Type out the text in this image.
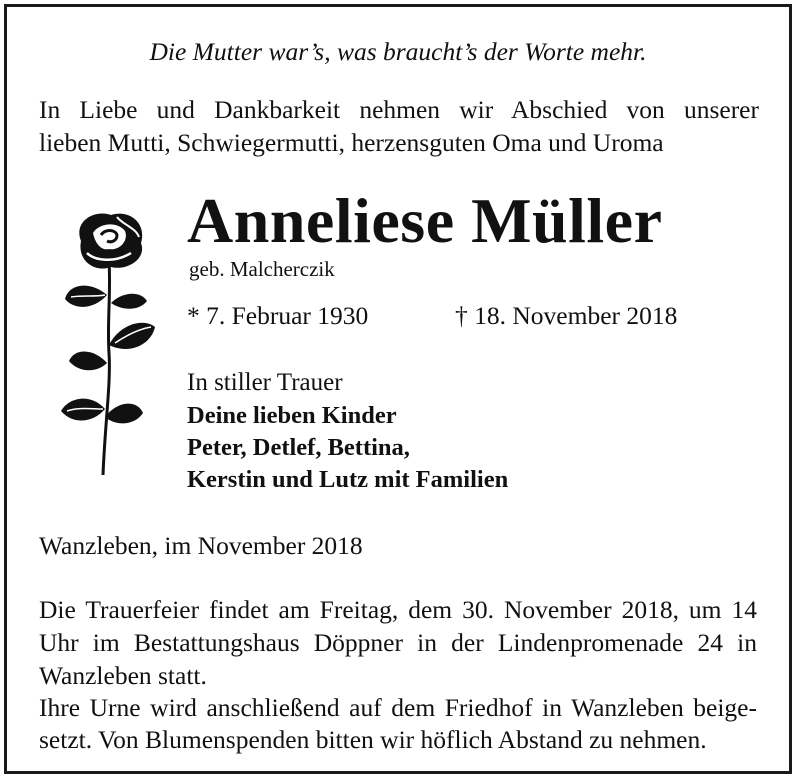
Die Mutter war’s, was braucht’s der Worte mehr.

In Liebe und Dankbarkeit nehmen wir Abschied von unserer

lieben Mutti, Schwiegermutti, herzensguten Oma und Uroma

Anneliese Müller

geb. Malcherczik

* 7. Februar 1930	† 18. November 2018

In stiller Trauer

Deine lieben Kinder

Peter, Detlef, Bettina,

Kerstin und Lutz mit Familien

Wanzleben, im November 2018

Die Trauerfeier findet am Freitag, dem 30. November 2018, um 14

Uhr im Bestattungshaus Döppner in der Lindenpromenade 24 in

Wanzleben statt.

Ihre Urne wird anschließend auf dem Friedhof in Wanzleben beige-

setzt. Von Blumenspenden bitten wir höflich Abstand zu nehmen.
